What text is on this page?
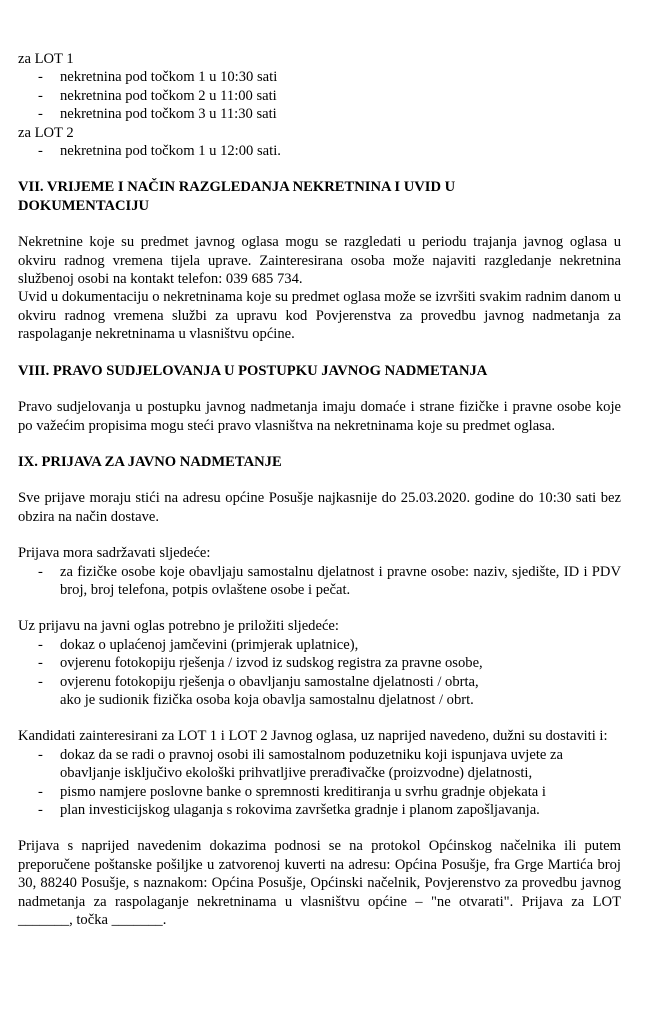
za LOT 1

- nekretnina pod točkom 1 u 10:30 sati
- nekretnina pod točkom 2 u 11:00 sati
- nekretnina pod točkom 3 u 11:30 sati

za LOT 2

- nekretnina pod točkom 1 u 12:00 sati.

VII. VRIJEME I NAČIN RAZGLEDANJA NEKRETNINA I UVID U
DOKUMENTACIJU

Nekretnine koje su predmet javnog oglasa mogu se razgledati u periodu trajanja javnog oglasa u okviru radnog vremena tijela uprave. Zainteresirana osoba može najaviti razgledanje nekretnina službenoj osobi na kontakt telefon: 039 685 734.

Uvid u dokumentaciju o nekretninama koje su predmet oglasa može se izvršiti svakim radnim danom u okviru radnog vremena službi za upravu kod Povjerenstva za provedbu javnog nadmetanja za raspolaganje nekretninama u vlasništvu općine.

VIII. PRAVO SUDJELOVANJA U POSTUPKU JAVNOG NADMETANJA

Pravo sudjelovanja u postupku javnog nadmetanja imaju domaće i strane fizičke i pravne osobe koje po važećim propisima mogu steći pravo vlasništva na nekretninama koje su predmet oglasa.

IX. PRIJAVA ZA JAVNO NADMETANJE

Sve prijave moraju stići na adresu općine Posušje najkasnije do 25.03.2020. godine do 10:30 sati bez obzira na način dostave.

Prijava mora sadržavati sljedeće:

- za fizičke osobe koje obavljaju samostalnu djelatnost i pravne osobe: naziv, sjedište, ID i PDV broj, broj telefona, potpis ovlaštene osobe i pečat.

Uz prijavu na javni oglas potrebno je priložiti sljedeće:

- dokaz o uplaćenoj jamčevini (primjerak uplatnice),
- ovjerenu fotokopiju rješenja / izvod iz sudskog registra za pravne osobe,
- ovjerenu fotokopiju rješenja o obavljanju samostalne djelatnosti / obrta,
ako je sudionik fizička osoba koja obavlja samostalnu djelatnost / obrt.

Kandidati zainteresirani za LOT 1 i LOT 2 Javnog oglasa, uz naprijed navedeno, dužni su dostaviti i:

- dokaz da se radi o pravnoj osobi ili samostalnom poduzetniku koji ispunjava uvjete za
obavljanje isključivo ekološki prihvatljive prerađivačke (proizvodne) djelatnosti,
- pismo namjere poslovne banke o spremnosti kreditiranja u svrhu gradnje objekata i
- plan investicijskog ulaganja s rokovima završetka gradnje i planom zapošljavanja.

Prijava s naprijed navedenim dokazima podnosi se na protokol Općinskog načelnika ili putem preporučene poštanske pošiljke u zatvorenoj kuverti na adresu: Općina Posušje, fra Grge Martića broj 30, 88240 Posušje, s naznakom: Općina Posušje, Općinski načelnik, Povjerenstvo za provedbu javnog nadmetanja za raspolaganje nekretninama u vlasništvu općine – "ne otvarati". Prijava za LOT _______, točka _______.
